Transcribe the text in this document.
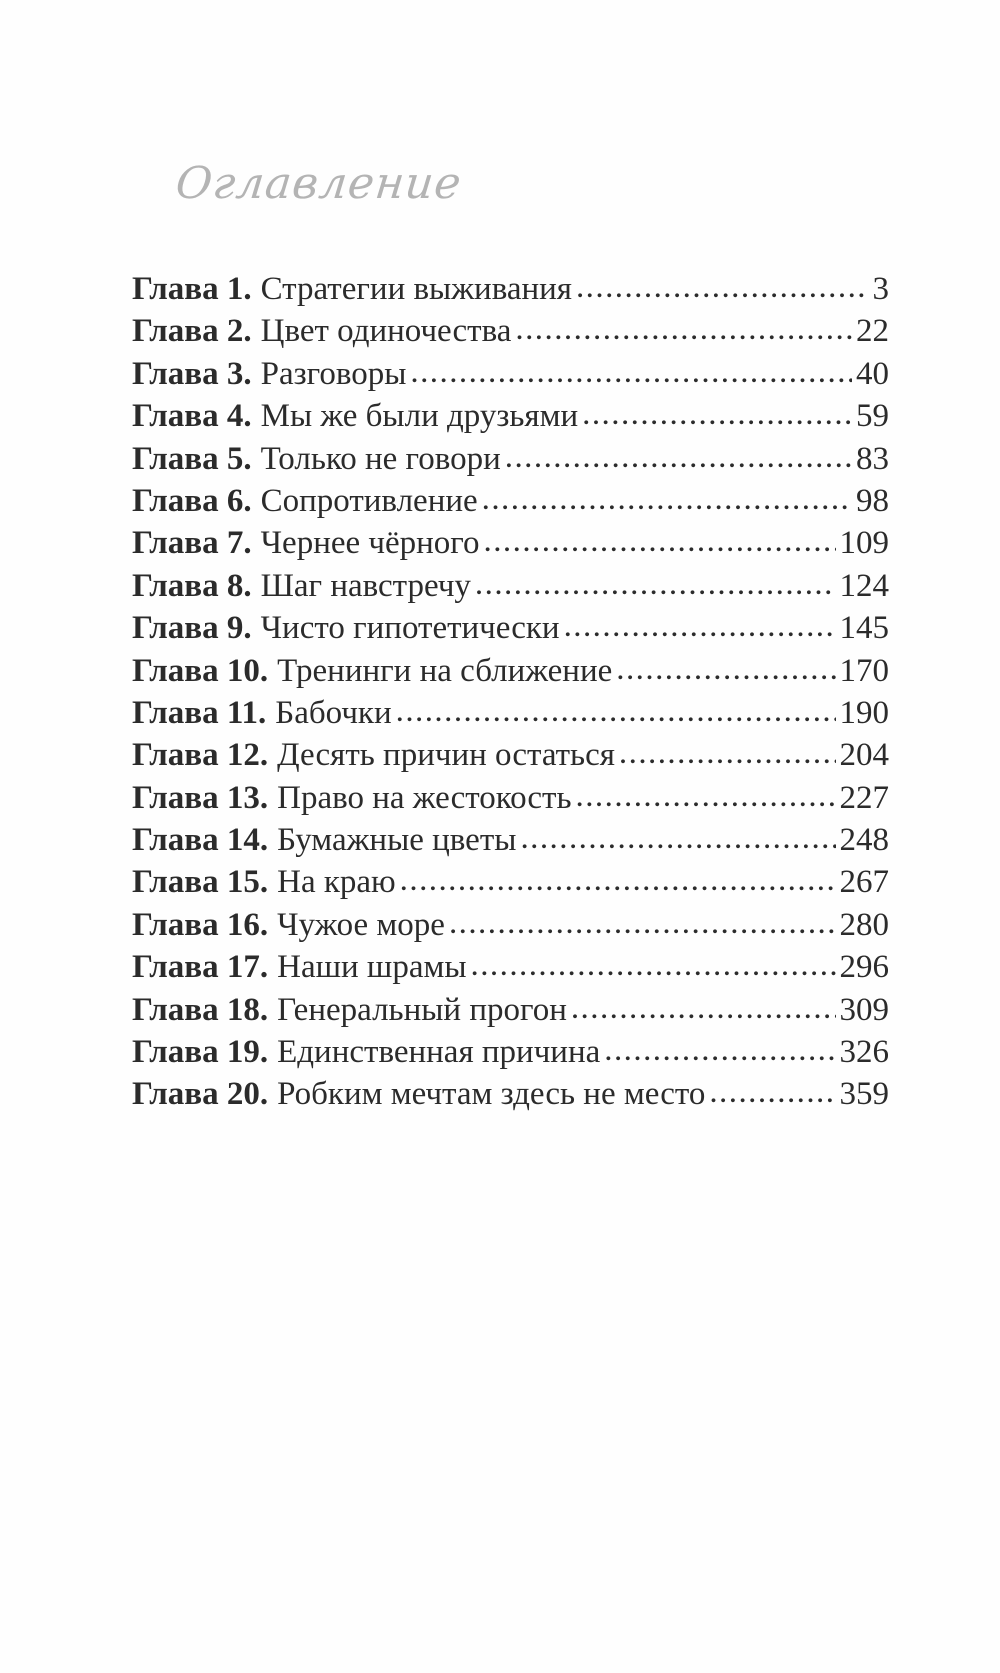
Оглавление
Глава 1. Стратегии выживания . . .	3
Глава 2. Цвет одиночества . . .	22
Глава 3. Разговоры . . .	40
Глава 4. Мы же были друзьями . . .	59
Глава 5. Только не говори . . .	83
Глава 6. Сопротивление . . .	98
Глава 7. Чернее чёрного . . .	109
Глава 8. Шаг навстречу . . .	124
Глава 9. Чисто гипотетически . . .	145
Глава 10. Тренинги на сближение . . .	170
Глава 11. Бабочки . . .	190
Глава 12. Десять причин остаться . . .	204
Глава 13. Право на жестокость . . .	227
Глава 14. Бумажные цветы . . .	248
Глава 15. На краю . . .	267
Глава 16. Чужое море . . .	280
Глава 17. Наши шрамы . . .	296
Глава 18. Генеральный прогон . . .	309
Глава 19. Единственная причина . . .	326
Глава 20. Робким мечтам здесь не место . . .	359
